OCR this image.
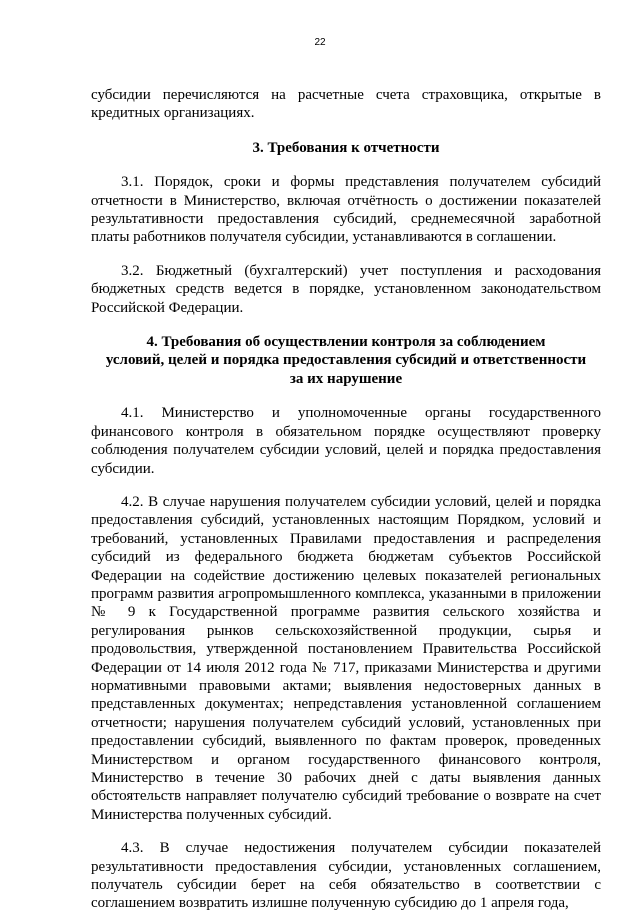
22

субсидии перечисляются на расчетные счета страховщика, открытые в кредитных организациях.

3. Требования к отчетности

3.1. Порядок, сроки и формы представления получателем субсидий отчетности в Министерство, включая отчётность о достижении показателей результативности предоставления субсидий, среднемесячной заработной платы работников получателя субсидии, устанавливаются в соглашении.

3.2. Бюджетный (бухгалтерский) учет поступления и расходования бюджетных средств ведется в порядке, установленном законодательством Российской Федерации.

4. Требования об осуществлении контроля за соблюдением
условий, целей и порядка предоставления субсидий и ответственности
за их нарушение

4.1. Министерство и уполномоченные органы государственного финансового контроля в обязательном порядке осуществляют проверку соблюдения получателем субсидии условий, целей и порядка предоставления субсидии.

4.2. В случае нарушения получателем субсидии условий, целей и порядка предоставления субсидий, установленных настоящим Порядком, условий и требований, установленных Правилами предоставления и распределения субсидий из федерального бюджета бюджетам субъектов Российской Федерации на содействие достижению целевых показателей региональных программ развития агропромышленного комплекса, указанными в приложении № 9 к Государственной программе развития сельского хозяйства и регулирования рынков сельскохозяйственной продукции, сырья и продовольствия, утвержденной постановлением Правительства Российской Федерации от 14 июля 2012 года № 717, приказами Министерства и другими нормативными правовыми актами; выявления недостоверных данных в представленных документах; непредставления установленной соглашением отчетности; нарушения получателем субсидий условий, установленных при предоставлении субсидий, выявленного по фактам проверок, проведенных Министерством и органом государственного финансового контроля, Министерство в течение 30 рабочих дней с даты выявления данных обстоятельств направляет получателю субсидий требование о возврате на счет Министерства полученных субсидий.

4.3. В случае недостижения получателем субсидии показателей результативности предоставления субсидии, установленных соглашением, получатель субсидии берет на себя обязательство в соответствии с соглашением возвратить излишне полученную субсидию до 1 апреля года,
